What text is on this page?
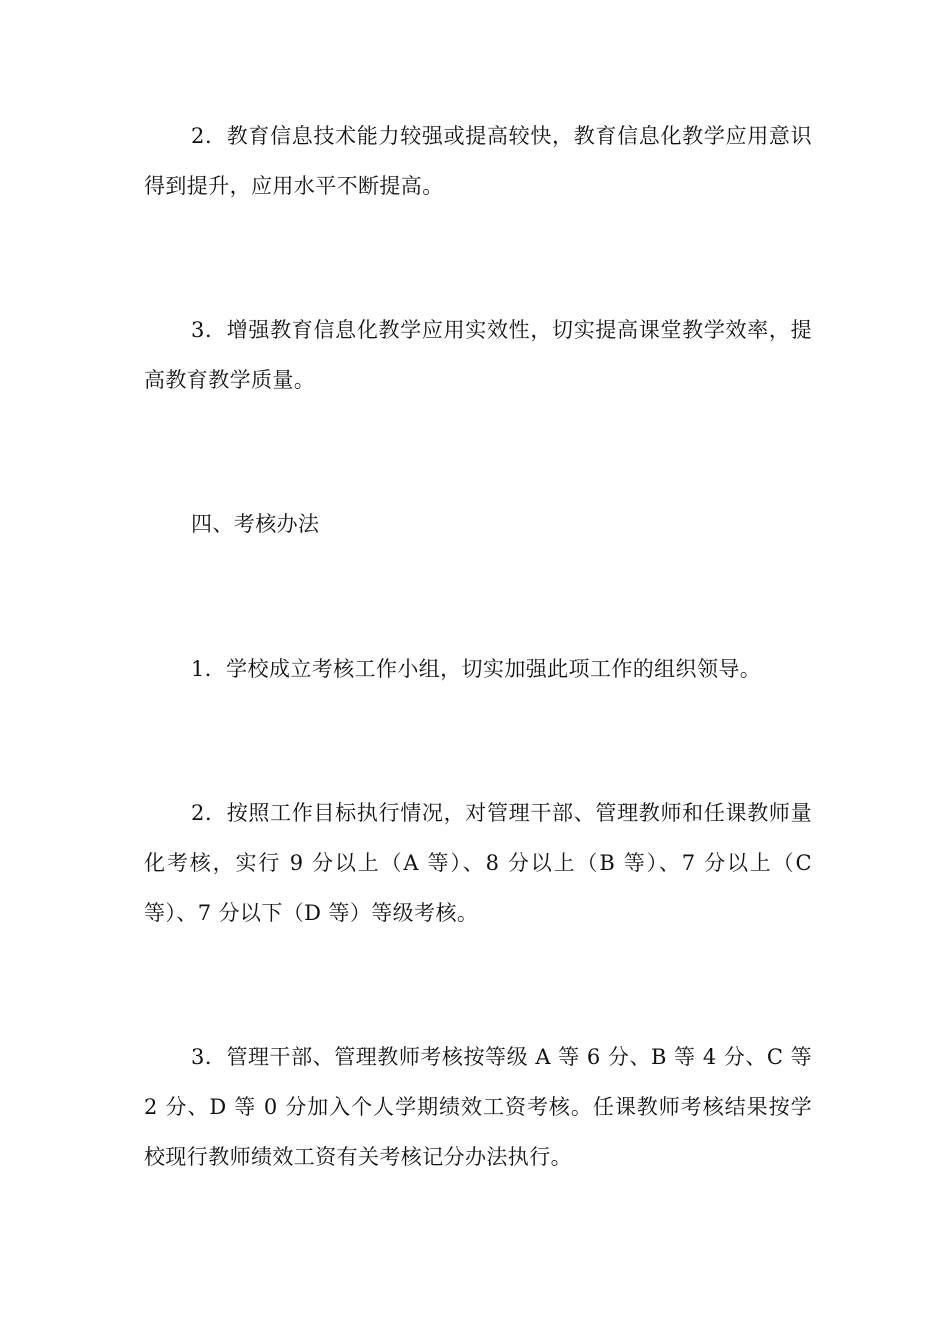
2．教育信息技术能力较强或提高较快，教育信息化教学应用意识得到提升，应用水平不断提高。

3．增强教育信息化教学应用实效性，切实提高课堂教学效率，提高教育教学质量。

四、考核办法

1．学校成立考核工作小组，切实加强此项工作的组织领导。

2．按照工作目标执行情况，对管理干部、管理教师和任课教师量化考核，实行 9 分以上（A 等）、8 分以上（B 等）、7 分以上（C 等）、7 分以下（D 等）等级考核。

3．管理干部、管理教师考核按等级 A 等 6 分、B 等 4 分、C 等 2 分、D 等 0 分加入个人学期绩效工资考核。任课教师考核结果按学校现行教师绩效工资有关考核记分办法执行。
